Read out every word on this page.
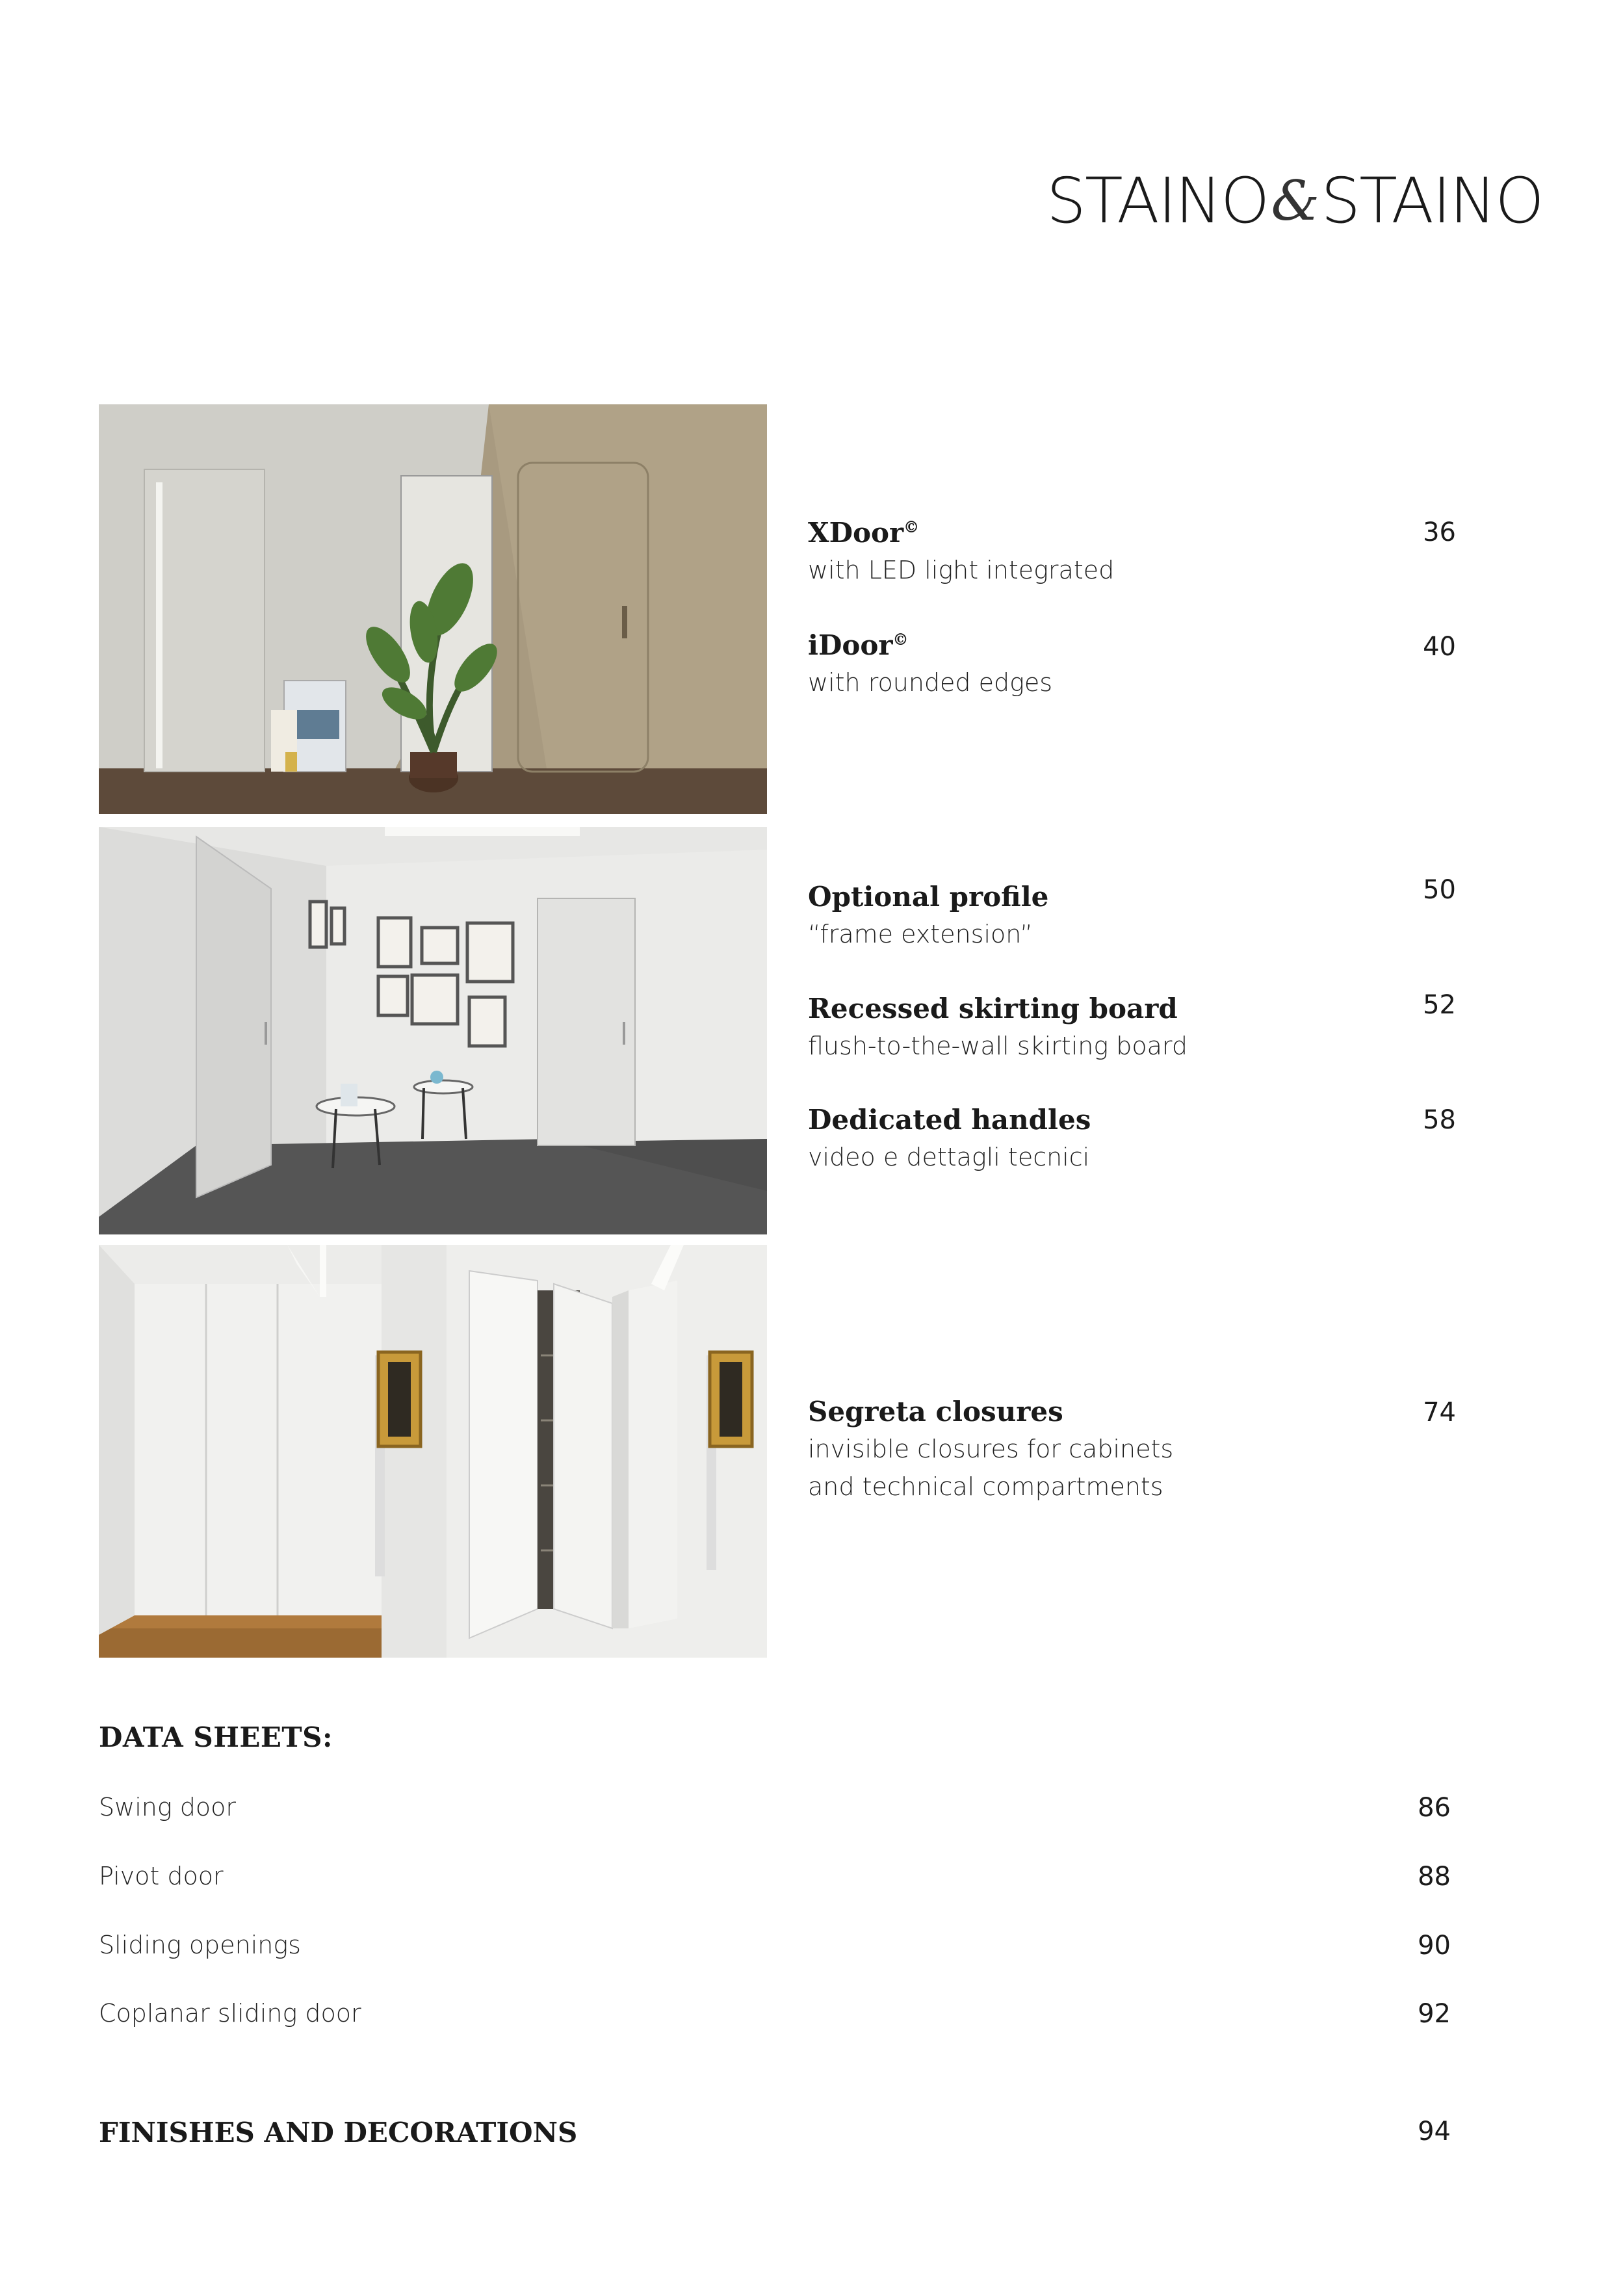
STAINO & STAINO
XDoor©
with LED light integrated
36
iDoor©
with rounded edges
40
Optional profile
“frame extension”
50
Recessed skirting board
flush-to-the-wall skirting board
52
Dedicated handles
video e dettagli tecnici
58
Segreta closures
invisible closures for cabinets
and technical compartments
74
DATA SHEETS:
Swing door	86
Pivot door	88
Sliding openings	90
Coplanar sliding door	92
FINISHES AND DECORATIONS	94
